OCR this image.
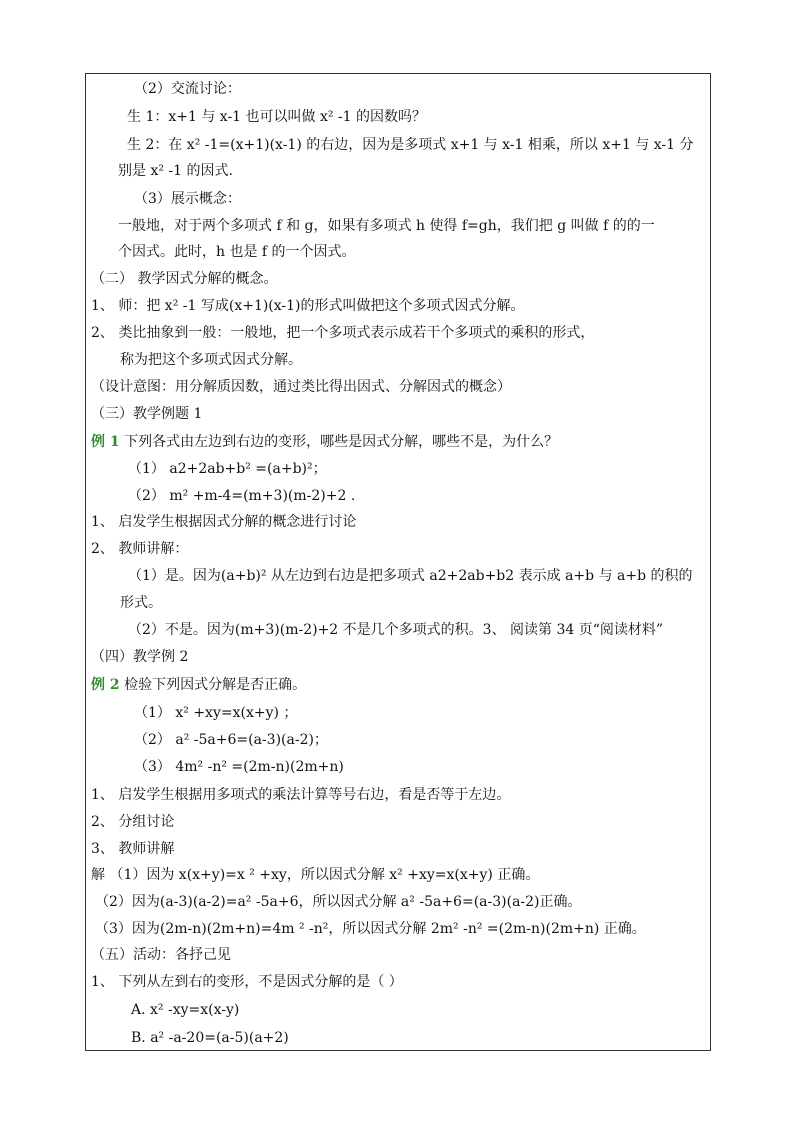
（2）交流讨论：
生 1：x+1 与 x-1 也可以叫做 x² -1 的因数吗？
生 2：在 x² -1=(x+1)(x-1) 的右边，因为是多项式 x+1 与 x-1 相乘，所以 x+1 与 x-1 分
别是 x² -1 的因式.
（3）展示概念：
一般地，对于两个多项式 f 和 g，如果有多项式 h 使得 f=gh，我们把 g 叫做 f 的的一
个因式。此时，h 也是 f 的一个因式。
（二） 教学因式分解的概念。
1、 师：把 x² -1 写成(x+1)(x-1)的形式叫做把这个多项式因式分解。
2、 类比抽象到一般：一般地，把一个多项式表示成若干个多项式的乘积的形式，
称为把这个多项式因式分解。
（设计意图：用分解质因数，通过类比得出因式、分解因式的概念）
（三）教学例题 1
例 1 下列各式由左边到右边的变形，哪些是因式分解，哪些不是，为什么？
（1） a2+2ab+b² =(a+b)²；
（2） m² +m-4=(m+3)(m-2)+2 .
1、 启发学生根据因式分解的概念进行讨论
2、 教师讲解：
（1）是。因为(a+b)² 从左边到右边是把多项式 a2+2ab+b2 表示成 a+b 与 a+b 的积的
形式。
（2）不是。因为(m+3)(m-2)+2 不是几个多项式的积。3、 阅读第 34 页“阅读材料”
（四）教学例 2
例 2 检验下列因式分解是否正确。
（1） x² +xy=x(x+y) ；
（2） a² -5a+6=(a-3)(a-2)；
（3） 4m² -n² =(2m-n)(2m+n)
1、 启发学生根据用多项式的乘法计算等号右边，看是否等于左边。
2、 分组讨论
3、 教师讲解
解 （1）因为 x(x+y)=x ² +xy，所以因式分解 x² +xy=x(x+y) 正确。
（2）因为(a-3)(a-2)=a² -5a+6，所以因式分解 a² -5a+6=(a-3)(a-2)正确。
（3）因为(2m-n)(2m+n)=4m ² -n²，所以因式分解 2m² -n² =(2m-n)(2m+n) 正确。
（五）活动：各抒己见
1、 下列从左到右的变形，不是因式分解的是（ ）
A. x² -xy=x(x-y)
B. a² -a-20=(a-5)(a+2)
